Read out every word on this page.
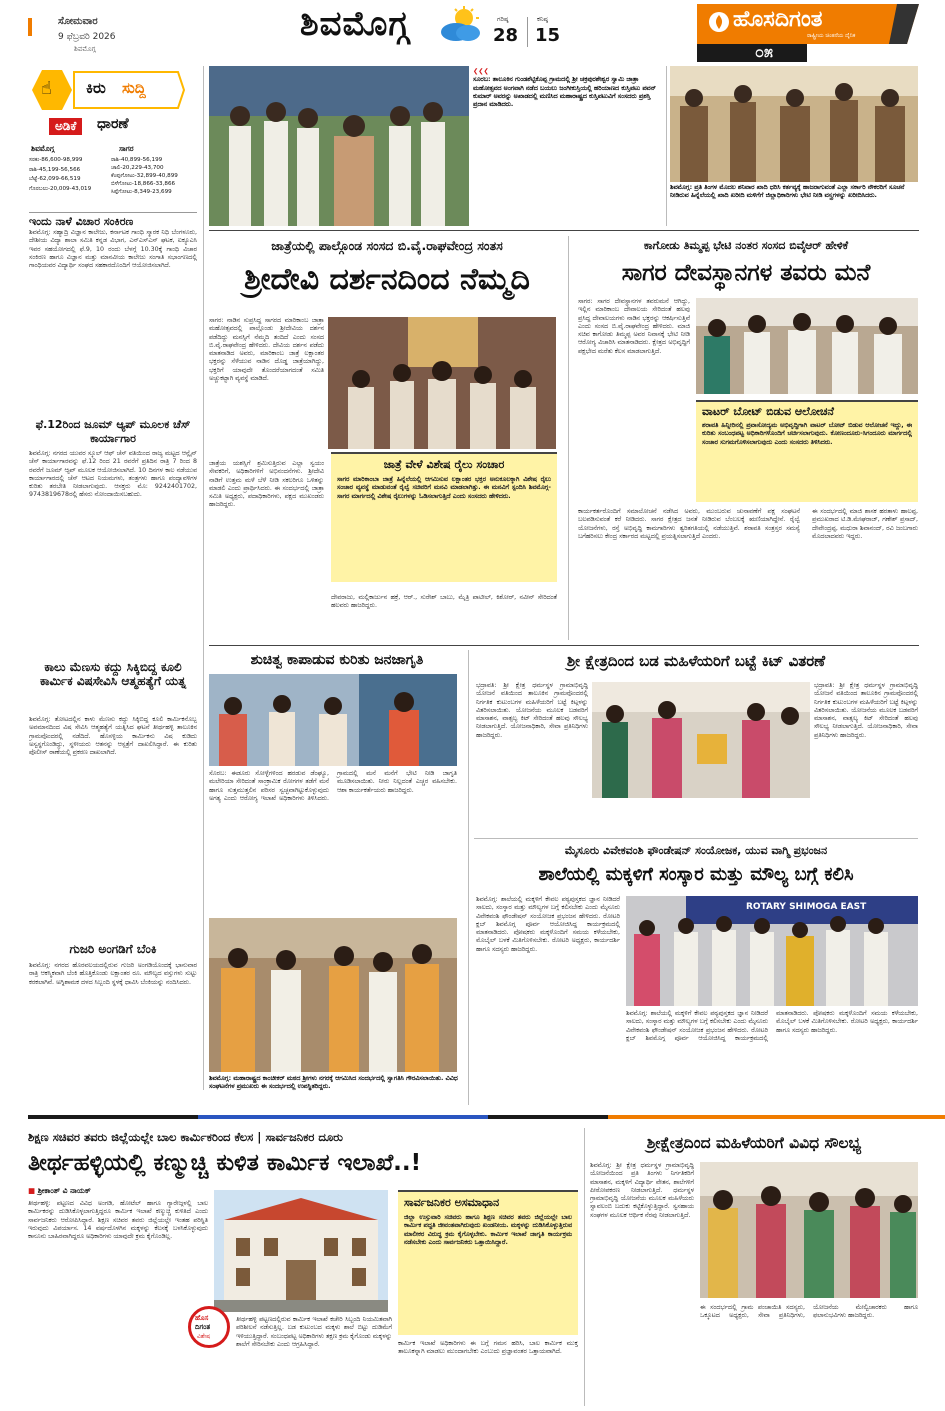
ಸೋಮವಾರ
9 ಫೆಬ್ರವರಿ 2026
ಶಿವಮೊಗ್ಗ
ಶಿವಮೊಗ್ಗ	ಗರಿಷ್ಠ
28
ಕನಿಷ್ಠ
15
ಹೊಸದಿಗಂತ
ರಾಷ್ಟ್ರೀಯ ಚಿಂತನೆಯ ದೈನಿಕ
೦೫
☝ ಕಿರು ಸುದ್ದಿ
ಅಡಿಕೆ	ಧಾರಣೆ
ಶಿವಮೊಗ್ಗ	ಸಾಗರ
ಸರಕು-86,600-98,999
ರಾಶಿ-45,199-56,566
ಬೆಟ್ಟೆ-62,099-66,519
ಗೊರಬಲು-20,009-43,019
ರಾಶಿ-40,899-56,199
ಚಾಲಿ-20,229-43,700
ಕೆಂಪುಗೋಟು-32,899-40,899
ಬಿಳೆಗೋಟು-18,866-33,866
ಸಿಪ್ಪೆಗೋಟು-8,349-23,699
ಇಂದು ನಾಳೆ ವಿಚಾರ ಸಂಕಿರಣ
ಶಿವಮೊಗ್ಗ: ಸಹ್ಯಾದ್ರಿ ವಿಜ್ಞಾನ ಕಾಲೇಜು, ಕರ್ನಾಟಕ ಗಾಂಧಿ ಸ್ಮಾರಕ ನಿಧಿ ಬೆಂಗಳೂರು, ದೇಶೀಯ ವಿದ್ಯಾ ಶಾಲಾ ಸಮಿತಿ ಕನ್ನಡ ವಿಭಾಗ, ಎನ್ಎಸ್ಎಸ್ ಘಟಕ, ಐಕ್ಯೂಎಸಿ ಇವರ ಸಹಯೋಗದಲ್ಲಿ ಫೆ.9, 10 ರಂದು ಬೆಳಗ್ಗೆ 10.30ಕ್ಕೆ ಗಾಂಧಿ ವಿಚಾರ ಸಂಕಿರಣ ಹಾಗೂ ವಿಜ್ಞಾನ ಮತ್ತು ಮಾನವೀಯ ಕಾಲೇಜು ಸಂಗಾತಿ ಸಭಾಂಗಣದಲ್ಲಿ ಗಾಂಧಿಯವರ ವಿದ್ಯಾರ್ಥಿ ಸಂಘದ ಸಹಕಾರದೊಂದಿಗೆ ಆಯೋಜಿಸಲಾಗಿದೆ.
ಫೆ.12ರಿಂದ ಜೂಮ್ ಆ್ಯಪ್ ಮೂಲಕ ಚೆಸ್ ಕಾರ್ಯಾಗಾರ
ಶಿವಮೊಗ್ಗ: ನಗರದ ಯುವರ ಸ್ಕೂಲ್ ಆಫ್ ಚೆಸ್ ವತಿಯಿಂದ ರಾಜ್ಯ ಮಟ್ಟದ ಆನ್ಲೈನ್ ಚೆಸ್ ಕಾರ್ಯಾಗಾರವನ್ನು ಫೆ.12 ರಿಂದ 21 ರವರೆಗೆ ಪ್ರತಿದಿನ ರಾತ್ರಿ 7 ರಿಂದ 8 ರವರೆಗೆ ಜೂಮ್ ಆ್ಯಪ್ ಮೂಲಕ ಆಯೋಜಿಸಲಾಗಿದೆ. 10 ದಿನಗಳ ಕಾಲ ನಡೆಯುವ ಕಾರ್ಯಾಗಾರದಲ್ಲಿ ಚೆಸ್ ಆಟದ ನಿಯಮಗಳು, ತಂತ್ರಗಳು ಹಾಗೂ ಪಂದ್ಯಾವಳಿಗಳ ಕುರಿತು ತರಬೇತಿ ನೀಡಲಾಗುವುದು. ಆಸಕ್ತರು ಮೊ: 9242401702, 9743819678ರಲ್ಲಿ ಹೆಸರು ನೋಂದಾಯಿಸಬಹುದು.
ಕಾಲು ಮೆಣಸು ಕದ್ದು ಸಿಕ್ಕಿಬಿದ್ದ ಕೂಲಿ ಕಾರ್ಮಿಕ ವಿಷಸೇವಿಸಿ ಆತ್ಮಹತ್ಯೆಗೆ ಯತ್ನ
ಶಿವಮೊಗ್ಗ: ತೋಟದಲ್ಲಿನ ಕಾಳು ಮೆಣಸು ಕದ್ದು ಸಿಕ್ಕಿಬಿದ್ದ ಕೂಲಿ ಕಾರ್ಮಿಕನೊಬ್ಬ ಅವಮಾನದಿಂದ ವಿಷ ಸೇವಿಸಿ ಆತ್ಮಹತ್ಯೆಗೆ ಯತ್ನಿಸಿದ ಘಟನೆ ತೀರ್ಥಹಳ್ಳಿ ತಾಲೂಕಿನ ಗ್ರಾಮವೊಂದರಲ್ಲಿ ನಡೆದಿದೆ. ಹೊಸಳ್ಳಿಯ ಕಾರ್ಮಿಕನು ವಿಷ ಕುಡಿದು ಅಸ್ವಸ್ಥಗೊಂಡಿದ್ದು, ಸ್ಥಳೀಯರು ಆತನನ್ನು ಆಸ್ಪತ್ರೆಗೆ ದಾಖಲಿಸಿದ್ದಾರೆ. ಈ ಕುರಿತು ಪೊಲೀಸ್ ಠಾಣೆಯಲ್ಲಿ ಪ್ರಕರಣ ದಾಖಲಾಗಿದೆ.
ಗುಜರಿ ಅಂಗಡಿಗೆ ಬೆಂಕಿ
ಶಿವಮೊಗ್ಗ: ನಗರದ ಹೊರವಲಯದಲ್ಲಿರುವ ಗುಜರಿ ಅಂಗಡಿಯೊಂದಕ್ಕೆ ಭಾನುವಾರ ರಾತ್ರಿ ಆಕಸ್ಮಿಕವಾಗಿ ಬೆಂಕಿ ಹೊತ್ತಿಕೊಂಡು ಲಕ್ಷಾಂತರ ರೂ. ಮೌಲ್ಯದ ವಸ್ತುಗಳು ಸುಟ್ಟು ಕರಕಲಾಗಿವೆ. ಅಗ್ನಿಶಾಮಕ ದಳದ ಸಿಬ್ಬಂದಿ ಸ್ಥಳಕ್ಕೆ ಧಾವಿಸಿ ಬೆಂಕಿಯನ್ನು ನಂದಿಸಿದರು.
❮❮❮
ಸೂರಬ: ತಾಲೂಕಿನ ಗುಂಡಶೆಟ್ಟಿಕೊಪ್ಪ ಗ್ರಾಮದಲ್ಲಿ ಶ್ರೀ ಚಕ್ರಪುರಶೇಶ್ವರ ಸ್ವಾಮಿ ಜಾತ್ರಾ ಮಹೋತ್ಸವದ ಅಂಗವಾಗಿ ನಡೆದ ಬಯಲು ಜಂಗೀಕುಸ್ತಿಯಲ್ಲಿ ಹರಿಯಾಣದ ಕುಸ್ತಿಪಟು ಪವನ್ ಕುಮಾರ್ ಅವರನ್ನು ಅಖಾಡದಲ್ಲಿ ಮಣಿಸಿದ ಮಹಾರಾಷ್ಟ್ರದ ಕುಸ್ತಿಪಟುವಿಗೆ ಸಂಸದರು ಪ್ರಶಸ್ತಿ ಪ್ರದಾನ ಮಾಡಿದರು.
ಶಿವಮೊಗ್ಗ: ಪ್ರತಿ ತಿಂಗಳ ಮೊದಲ ಶನಿವಾರ ಖಾದಿ ಧರಿಸಿ ಕರ್ತವ್ಯಕ್ಕೆ ಹಾಜರಾಗುವಂತೆ ಎಲ್ಲಾ ಸರ್ಕಾರಿ ನೌಕರರಿಗೆ ಸೂಚನೆ ನೀಡಿರುವ ಹಿನ್ನೆಲೆಯಲ್ಲಿ ಖಾದಿ ಖರೀದಿ ಮಳಿಗೆಗೆ ಜಿಲ್ಲಾಧಿಕಾರಿಗಳು ಭೇಟಿ ನೀಡಿ ವಸ್ತ್ರಗಳನ್ನು ಖರೀದಿಸಿದರು.
ಜಾತ್ರೆಯಲ್ಲಿ ಪಾಲ್ಗೊಂಡ ಸಂಸದ ಬಿ.ವೈ.ರಾಘವೇಂದ್ರ ಸಂತಸ
ಶ್ರೀದೇವಿ ದರ್ಶನದಿಂದ ನೆಮ್ಮದಿ
ಸಾಗರ: ನಾಡಿನ ಸುಪ್ರಸಿದ್ಧ ಸಾಗರದ ಮಾರಿಕಾಂಬ ಜಾತ್ರಾ ಮಹೋತ್ಸವದಲ್ಲಿ ಪಾಲ್ಗೊಂಡು ಶ್ರೀದೇವಿಯ ದರ್ಶನ ಪಡೆದಿದ್ದು ಮನಸ್ಸಿಗೆ ನೆಮ್ಮದಿ ತಂದಿದೆ ಎಂದು ಸಂಸದ ಬಿ.ವೈ.ರಾಘವೇಂದ್ರ ಹೇಳಿದರು. ದೇವಿಯ ದರ್ಶನ ಪಡೆದು ಮಾತನಾಡಿದ ಅವರು, ಮಾರಿಕಾಂಬ ಜಾತ್ರೆ ಲಕ್ಷಾಂತರ ಭಕ್ತರನ್ನು ಸೆಳೆಯುವ ನಾಡಿನ ದೊಡ್ಡ ಜಾತ್ರೆಯಾಗಿದ್ದು, ಭಕ್ತರಿಗೆ ಯಾವುದೇ ತೊಂದರೆಯಾಗದಂತೆ ಸಮಿತಿ ಅಚ್ಚುಕಟ್ಟಾಗಿ ವ್ಯವಸ್ಥೆ ಮಾಡಿದೆ.
ಜಾತ್ರೆಯ ಯಶಸ್ಸಿಗೆ ಶ್ರಮಿಸುತ್ತಿರುವ ಎಲ್ಲಾ ಸ್ವಯಂ ಸೇವಕರಿಗೆ, ಅಧಿಕಾರಿಗಳಿಗೆ ಅಭಿನಂದನೆಗಳು. ಶ್ರೀದೇವಿ ನಾಡಿಗೆ ಉತ್ತಮ ಮಳೆ ಬೆಳೆ ನೀಡಿ ಸಕಲರಿಗೂ ಒಳಿತನ್ನು ಮಾಡಲಿ ಎಂದು ಪ್ರಾರ್ಥಿಸಿದರು. ಈ ಸಂದರ್ಭದಲ್ಲಿ ಜಾತ್ರಾ ಸಮಿತಿ ಅಧ್ಯಕ್ಷರು, ಪದಾಧಿಕಾರಿಗಳು, ಪಕ್ಷದ ಮುಖಂಡರು ಹಾಜರಿದ್ದರು.
ಜಾತ್ರೆ ವೇಳೆ ವಿಶೇಷ ರೈಲು ಸಂಚಾರ
ಸಾಗರ ಮಾರಿಕಾಂಬಾ ಜಾತ್ರೆ ಹಿನ್ನೆಲೆಯಲ್ಲಿ ಆಗಮಿಸುವ ಲಕ್ಷಾಂತರ ಭಕ್ತರ ಅನುಕೂಲಕ್ಕಾಗಿ ವಿಶೇಷ ರೈಲು ಸಂಚಾರ ವ್ಯವಸ್ಥೆ ಮಾಡುವಂತೆ ರೈಲ್ವೆ ಸಚಿವರಿಗೆ ಮನವಿ ಮಾಡಲಾಗಿತ್ತು. ಈ ಮನವಿಗೆ ಸ್ಪಂದಿಸಿ ಶಿವಮೊಗ್ಗ-ಸಾಗರ ಮಾರ್ಗದಲ್ಲಿ ವಿಶೇಷ ರೈಲುಗಳನ್ನು ಓಡಿಸಲಾಗುತ್ತಿದೆ ಎಂದು ಸಂಸದರು ಹೇಳಿದರು.
ದೇವರಾಜು, ಮಲ್ಲಿಕಾರ್ಜುನ ಹಕ್ರೆ, ಆರ್., ಸುರೇಶ್ ಬಾಬು, ಮೈತ್ರಿ ಪಾಟೀಲ್, ಕಿಶೋರ್, ನವೀನ್ ಸೇರಿದಂತೆ ಹಲವರು ಹಾಜರಿದ್ದರು.
ಕಾಗೋಡು ತಿಮ್ಮಪ್ಪ ಭೇಟಿ ನಂತರ ಸಂಸದ ಬಿವೈಆರ್ ಹೇಳಿಕೆ
ಸಾಗರ ದೇವಸ್ಥಾನಗಳ ತವರು ಮನೆ
ಸಾಗರ: ಸಾಗರ ದೇವಸ್ಥಾನಗಳ ತವರುಮನೆ ಆಗಿದ್ದು, ಇಲ್ಲಿನ ಮಾರಿಕಾಂಬ ದೇವಾಲಯ ಸೇರಿದಂತೆ ಹಲವು ಪ್ರಸಿದ್ಧ ದೇವಾಲಯಗಳು ನಾಡಿನ ಭಕ್ತರನ್ನು ಆಕರ್ಷಿಸುತ್ತಿವೆ ಎಂದು ಸಂಸದ ಬಿ.ವೈ.ರಾಘವೇಂದ್ರ ಹೇಳಿದರು. ಮಾಜಿ ಸಚಿವ ಕಾಗೋಡು ತಿಮ್ಮಪ್ಪ ಅವರ ನಿವಾಸಕ್ಕೆ ಭೇಟಿ ನೀಡಿ ಆರೋಗ್ಯ ವಿಚಾರಿಸಿ ಮಾತನಾಡಿದರು. ಕ್ಷೇತ್ರದ ಅಭಿವೃದ್ಧಿಗೆ ಪಕ್ಷಭೇದ ಮರೆತು ಕೆಲಸ ಮಾಡಲಾಗುತ್ತಿದೆ.
ವಾಟರ್ ಬೋಟ್ ಬಿಡುವ ಆಲೋಚನೆ
ಶರಾವತಿ ಹಿನ್ನೀರಿನಲ್ಲಿ ಪ್ರವಾಸೋದ್ಯಮ ಅಭಿವೃದ್ಧಿಗಾಗಿ ವಾಟರ್ ಬೋಟ್ ಬಿಡುವ ಆಲೋಚನೆ ಇದ್ದು, ಈ ಕುರಿತು ಸಂಬಂಧಪಟ್ಟ ಅಧಿಕಾರಿಗಳೊಂದಿಗೆ ಚರ್ಚಿಸಲಾಗುವುದು. ಕೋಣಂದೂರು-ಸಿಗಂದೂರು ಮಾರ್ಗದಲ್ಲಿ ಸಂಚಾರ ಸುಗಮಗೊಳಿಸಲಾಗುವುದು ಎಂದು ಸಂಸದರು ತಿಳಿಸಿದರು.
ಕಾರ್ಯಕರ್ತರೊಂದಿಗೆ ಸಮಾಲೋಚನೆ ನಡೆಸಿದ ಅವರು, ಮುಂಬರುವ ಚುನಾವಣೆಗೆ ಪಕ್ಷ ಸಂಘಟನೆ ಬಲಪಡಿಸುವಂತೆ ಕರೆ ನೀಡಿದರು. ಸಾಗರ ಕ್ಷೇತ್ರದ ಜನತೆ ನೀಡಿರುವ ಬೆಂಬಲಕ್ಕೆ ಋಣಿಯಾಗಿದ್ದೇನೆ. ರೈಲ್ವೆ ಯೋಜನೆಗಳು, ರಸ್ತೆ ಅಭಿವೃದ್ಧಿ ಕಾಮಗಾರಿಗಳು ತ್ವರಿತಗತಿಯಲ್ಲಿ ನಡೆಯುತ್ತಿವೆ. ಶರಾವತಿ ಸಂತ್ರಸ್ತರ ಸಮಸ್ಯೆ ಬಗೆಹರಿಸಲು ಕೇಂದ್ರ ಸರ್ಕಾರದ ಮಟ್ಟದಲ್ಲಿ ಪ್ರಯತ್ನಿಸಲಾಗುತ್ತಿದೆ ಎಂದರು.
ಈ ಸಂದರ್ಭದಲ್ಲಿ ಮಾಜಿ ಶಾಸಕ ಹರತಾಳು ಹಾಲಪ್ಪ, ಪ್ರಮುಖರಾದ ಟಿ.ಡಿ.ಮೇಘರಾಜ್, ಗಣೇಶ್ ಪ್ರಸಾದ್, ದೇವೇಂದ್ರಪ್ಪ, ಮಧುರಾ ಶಿವಾನಂದ್, ರವಿ ಜಂಬಗಾರು ಮೊದಲಾದವರು ಇದ್ದರು.
ಶುಚಿತ್ವ ಕಾಪಾಡುವ ಕುರಿತು ಜನಜಾಗೃತಿ
ಸೊರಬ: ಈಡೂರು ಸೋಳ್ಳೆಗಳಿಂದ ಹರಡುವ ಡೆಂಘ್ಯೂ, ಮಲೇರಿಯಾ ಸೇರಿದಂತೆ ಸಾಂಕ್ರಾಮಿಕ ರೋಗಗಳ ತಡೆಗೆ ಮನೆ ಹಾಗೂ ಸುತ್ತಮುತ್ತಲಿನ ಪರಿಸರ ಸ್ವಚ್ಛವಾಗಿಟ್ಟುಕೊಳ್ಳುವುದು ಅಗತ್ಯ ಎಂದು ಆರೋಗ್ಯ ಇಲಾಖೆ ಅಧಿಕಾರಿಗಳು ತಿಳಿಸಿದರು. ಗ್ರಾಮದಲ್ಲಿ ಮನೆ ಮನೆಗೆ ಭೇಟಿ ನೀಡಿ ಜಾಗೃತಿ ಮೂಡಿಸಲಾಯಿತು. ನೀರು ನಿಲ್ಲದಂತೆ ಎಚ್ಚರ ವಹಿಸಬೇಕು. ಆಶಾ ಕಾರ್ಯಕರ್ತೆಯರು ಹಾಜರಿದ್ದರು.
ಶಿವಮೊಗ್ಗ: ಮಹಾರಾಷ್ಟ್ರದ ಕಾಂಚೀಕರ್ ಮಠದ ಶ್ರೀಗಳು ನಗರಕ್ಕೆ ಆಗಮಿಸಿದ ಸಂದರ್ಭದಲ್ಲಿ ಸ್ವಾಗತಿಸಿ ಗೌರವಿಸಲಾಯಿತು. ವಿವಿಧ ಸಂಘಟನೆಗಳ ಪ್ರಮುಖರು ಈ ಸಂದರ್ಭದಲ್ಲಿ ಉಪಸ್ಥಿತರಿದ್ದರು.
ಶ್ರೀ ಕ್ಷೇತ್ರದಿಂದ ಬಡ ಮಹಿಳೆಯರಿಗೆ ಬಟ್ಟೆ ಕಿಟ್ ವಿತರಣೆ
ಭದ್ರಾವತಿ: ಶ್ರೀ ಕ್ಷೇತ್ರ ಧರ್ಮಸ್ಥಳ ಗ್ರಾಮಾಭಿವೃದ್ಧಿ ಯೋಜನೆ ವತಿಯಿಂದ ತಾಲೂಕಿನ ಗ್ರಾಮವೊಂದರಲ್ಲಿ ನಿರ್ಗತಿಕ ಕುಟುಂಬಗಳ ಮಹಿಳೆಯರಿಗೆ ಬಟ್ಟೆ ಕಿಟ್ಗಳನ್ನು ವಿತರಿಸಲಾಯಿತು. ಯೋಜನೆಯ ಮೂಲಕ ಬಡವರಿಗೆ ಮಾಸಾಶನ, ವಾತ್ಸಲ್ಯ ಕಿಟ್ ಸೇರಿದಂತೆ ಹಲವು ಸೌಲಭ್ಯ ನೀಡಲಾಗುತ್ತಿದೆ. ಯೋಜನಾಧಿಕಾರಿ, ಸೇವಾ ಪ್ರತಿನಿಧಿಗಳು ಹಾಜರಿದ್ದರು.
ಭದ್ರಾವತಿ: ಶ್ರೀ ಕ್ಷೇತ್ರ ಧರ್ಮಸ್ಥಳ ಗ್ರಾಮಾಭಿವೃದ್ಧಿ ಯೋಜನೆ ವತಿಯಿಂದ ತಾಲೂಕಿನ ಗ್ರಾಮವೊಂದರಲ್ಲಿ ನಿರ್ಗತಿಕ ಕುಟುಂಬಗಳ ಮಹಿಳೆಯರಿಗೆ ಬಟ್ಟೆ ಕಿಟ್ಗಳನ್ನು ವಿತರಿಸಲಾಯಿತು. ಯೋಜನೆಯ ಮೂಲಕ ಬಡವರಿಗೆ ಮಾಸಾಶನ, ವಾತ್ಸಲ್ಯ ಕಿಟ್ ಸೇರಿದಂತೆ ಹಲವು ಸೌಲಭ್ಯ ನೀಡಲಾಗುತ್ತಿದೆ. ಯೋಜನಾಧಿಕಾರಿ, ಸೇವಾ ಪ್ರತಿನಿಧಿಗಳು ಹಾಜರಿದ್ದರು.
ಮೈಸೂರು ವಿವೇಕವಂಶಿ ಫೌಂಡೇಷನ್ ಸಂಯೋಜಕ, ಯುವ ವಾಗ್ಮಿ ಪ್ರಭಂಜನ
ಶಾಲೆಯಲ್ಲಿ ಮಕ್ಕಳಿಗೆ ಸಂಸ್ಕಾರ ಮತ್ತು ಮೌಲ್ಯ ಬಗ್ಗೆ ಕಲಿಸಿ
ಶಿವಮೊಗ್ಗ: ಶಾಲೆಯಲ್ಲಿ ಮಕ್ಕಳಿಗೆ ಕೇವಲ ಪಠ್ಯಪುಸ್ತಕದ ಜ್ಞಾನ ನೀಡಿದರೆ ಸಾಲದು, ಸಂಸ್ಕಾರ ಮತ್ತು ಮೌಲ್ಯಗಳ ಬಗ್ಗೆ ಕಲಿಸಬೇಕು ಎಂದು ಮೈಸೂರು ವಿವೇಕವಂಶಿ ಫೌಂಡೇಷನ್ ಸಂಯೋಜಕ ಪ್ರಭಂಜನ ಹೇಳಿದರು. ರೋಟರಿ ಕ್ಲಬ್ ಶಿವಮೊಗ್ಗ ಪೂರ್ವ ಆಯೋಜಿಸಿದ್ದ ಕಾರ್ಯಕ್ರಮದಲ್ಲಿ ಮಾತನಾಡಿದರು. ಪೋಷಕರು ಮಕ್ಕಳೊಂದಿಗೆ ಸಮಯ ಕಳೆಯಬೇಕು, ಮೊಬೈಲ್ ಬಳಕೆ ಮಿತಿಗೊಳಿಸಬೇಕು. ರೋಟರಿ ಅಧ್ಯಕ್ಷರು, ಕಾರ್ಯದರ್ಶಿ ಹಾಗೂ ಸದಸ್ಯರು ಹಾಜರಿದ್ದರು.
ROTARY SHIMOGA EAST
ಶಿವಮೊಗ್ಗ: ಶಾಲೆಯಲ್ಲಿ ಮಕ್ಕಳಿಗೆ ಕೇವಲ ಪಠ್ಯಪುಸ್ತಕದ ಜ್ಞಾನ ನೀಡಿದರೆ ಸಾಲದು, ಸಂಸ್ಕಾರ ಮತ್ತು ಮೌಲ್ಯಗಳ ಬಗ್ಗೆ ಕಲಿಸಬೇಕು ಎಂದು ಮೈಸೂರು ವಿವೇಕವಂಶಿ ಫೌಂಡೇಷನ್ ಸಂಯೋಜಕ ಪ್ರಭಂಜನ ಹೇಳಿದರು. ರೋಟರಿ ಕ್ಲಬ್ ಶಿವಮೊಗ್ಗ ಪೂರ್ವ ಆಯೋಜಿಸಿದ್ದ ಕಾರ್ಯಕ್ರಮದಲ್ಲಿ ಮಾತನಾಡಿದರು. ಪೋಷಕರು ಮಕ್ಕಳೊಂದಿಗೆ ಸಮಯ ಕಳೆಯಬೇಕು, ಮೊಬೈಲ್ ಬಳಕೆ ಮಿತಿಗೊಳಿಸಬೇಕು. ರೋಟರಿ ಅಧ್ಯಕ್ಷರು, ಕಾರ್ಯದರ್ಶಿ ಹಾಗೂ ಸದಸ್ಯರು ಹಾಜರಿದ್ದರು.
ಶಿಕ್ಷಣ ಸಚಿವರ ತವರು ಜಿಲ್ಲೆಯಲ್ಲೇ ಬಾಲ ಕಾರ್ಮಿಕರಿಂದ ಕೆಲಸ | ಸಾರ್ವಜನಿಕರ ದೂರು
ತೀರ್ಥಹಳ್ಳಿಯಲ್ಲಿ ಕಣ್ಮುಚ್ಚಿ ಕುಳಿತ ಕಾರ್ಮಿಕ ಇಲಾಖೆ..!
■ ಶ್ರೀಕಾಂತ್ ವಿ ನಾಯಕ್
ತೀರ್ಥಹಳ್ಳಿ: ಪಟ್ಟಣದ ವಿವಿಧ ಅಂಗಡಿ, ಹೋಟೆಲ್ ಹಾಗೂ ಗ್ಯಾರೇಜ್ಗಳಲ್ಲಿ ಬಾಲ ಕಾರ್ಮಿಕರನ್ನು ದುಡಿಸಿಕೊಳ್ಳಲಾಗುತ್ತಿದ್ದರೂ ಕಾರ್ಮಿಕ ಇಲಾಖೆ ಕಣ್ಮುಚ್ಚಿ ಕುಳಿತಿದೆ ಎಂದು ಸಾರ್ವಜನಿಕರು ಆರೋಪಿಸಿದ್ದಾರೆ. ಶಿಕ್ಷಣ ಸಚಿವರ ತವರು ಜಿಲ್ಲೆಯಲ್ಲೇ ಇಂತಹ ಪರಿಸ್ಥಿತಿ ಇರುವುದು ವಿಪರ್ಯಾಸ. 14 ವರ್ಷದೊಳಗಿನ ಮಕ್ಕಳನ್ನು ಕೆಲಸಕ್ಕೆ ಬಳಸಿಕೊಳ್ಳುವುದು ಕಾನೂನು ಬಾಹಿರವಾಗಿದ್ದರೂ ಅಧಿಕಾರಿಗಳು ಯಾವುದೇ ಕ್ರಮ ಕೈಗೊಂಡಿಲ್ಲ.
ಹೊಸ
ದಿಗಂತ
ವಿಶೇಷ
ಸಾರ್ವಜನಿಕರ ಅಸಮಾಧಾನ
ಜಿಲ್ಲಾ ಉಸ್ತುವಾರಿ ಸಚಿವರು ಹಾಗೂ ಶಿಕ್ಷಣ ಸಚಿವರ ತವರು ಜಿಲ್ಲೆಯಲ್ಲೇ ಬಾಲ ಕಾರ್ಮಿಕ ಪದ್ಧತಿ ಜೀವಂತವಾಗಿರುವುದು ಖಂಡನೀಯ. ಮಕ್ಕಳನ್ನು ದುಡಿಸಿಕೊಳ್ಳುತ್ತಿರುವ ಮಾಲೀಕರ ವಿರುದ್ಧ ಕ್ರಮ ಕೈಗೊಳ್ಳಬೇಕು. ಕಾರ್ಮಿಕ ಇಲಾಖೆ ಜಾಗೃತಿ ಕಾರ್ಯಕ್ರಮ ನಡೆಸಬೇಕು ಎಂದು ಸಾರ್ವಜನಿಕರು ಒತ್ತಾಯಿಸಿದ್ದಾರೆ.
ತೀರ್ಥಹಳ್ಳಿ ಪಟ್ಟಣದಲ್ಲಿರುವ ಕಾರ್ಮಿಕ ಇಲಾಖೆ ಕಚೇರಿ ಸಿಬ್ಬಂದಿ ನಿಯಮಿತವಾಗಿ ಪರಿಶೀಲನೆ ನಡೆಸುತ್ತಿಲ್ಲ. ಬಡ ಕುಟುಂಬದ ಮಕ್ಕಳು ಶಾಲೆ ಬಿಟ್ಟು ದುಡಿಮೆಗೆ ಇಳಿಯುತ್ತಿದ್ದಾರೆ. ಸಂಬಂಧಪಟ್ಟ ಅಧಿಕಾರಿಗಳು ತಕ್ಷಣ ಕ್ರಮ ಕೈಗೊಂಡು ಮಕ್ಕಳನ್ನು ಶಾಲೆಗೆ ಸೇರಿಸಬೇಕು ಎಂದು ಆಗ್ರಹಿಸಿದ್ದಾರೆ.	ಕಾರ್ಮಿಕ ಇಲಾಖೆ ಅಧಿಕಾರಿಗಳು ಈ ಬಗ್ಗೆ ಗಮನ ಹರಿಸಿ, ಬಾಲ ಕಾರ್ಮಿಕ ಮುಕ್ತ ತಾಲೂಕನ್ನಾಗಿ ಮಾಡಲು ಮುಂದಾಗಬೇಕು ಎಂಬುದು ಪ್ರಜ್ಞಾವಂತರ ಒತ್ತಾಯವಾಗಿದೆ.
ಶ್ರೀಕ್ಷೇತ್ರದಿಂದ ಮಹಿಳೆಯರಿಗೆ ವಿವಿಧ ಸೌಲಭ್ಯ
ಶಿವಮೊಗ್ಗ: ಶ್ರೀ ಕ್ಷೇತ್ರ ಧರ್ಮಸ್ಥಳ ಗ್ರಾಮಾಭಿವೃದ್ಧಿ ಯೋಜನೆಯಿಂದ ಪ್ರತಿ ತಿಂಗಳು ನಿರ್ಗತಿಕರಿಗೆ ಮಾಸಾಶನ, ಮಕ್ಕಳಿಗೆ ವಿದ್ಯಾರ್ಥಿ ವೇತನ, ಶಾಲೆಗಳಿಗೆ ಪೀಠೋಪಕರಣ ನೀಡಲಾಗುತ್ತಿದೆ. ಧರ್ಮಸ್ಥಳ ಗ್ರಾಮಾಭಿವೃದ್ಧಿ ಯೋಜನೆಯ ಮೂಲಕ ಮಹಿಳೆಯರು ಸ್ವಾವಲಂಬಿ ಬದುಕು ಕಟ್ಟಿಕೊಳ್ಳುತ್ತಿದ್ದಾರೆ. ಸ್ವಸಹಾಯ ಸಂಘಗಳ ಮೂಲಕ ಆರ್ಥಿಕ ನೆರವು ನೀಡಲಾಗುತ್ತಿದೆ.
ಈ ಸಂದರ್ಭದಲ್ಲಿ ಗ್ರಾಮ ಪಂಚಾಯಿತಿ ಸದಸ್ಯರು, ಒಕ್ಕೂಟದ ಅಧ್ಯಕ್ಷರು, ಸೇವಾ ಪ್ರತಿನಿಧಿಗಳು, ಯೋಜನೆಯ ಮೇಲ್ವಿಚಾರಕರು ಹಾಗೂ ಫಲಾನುಭವಿಗಳು ಹಾಜರಿದ್ದರು.
